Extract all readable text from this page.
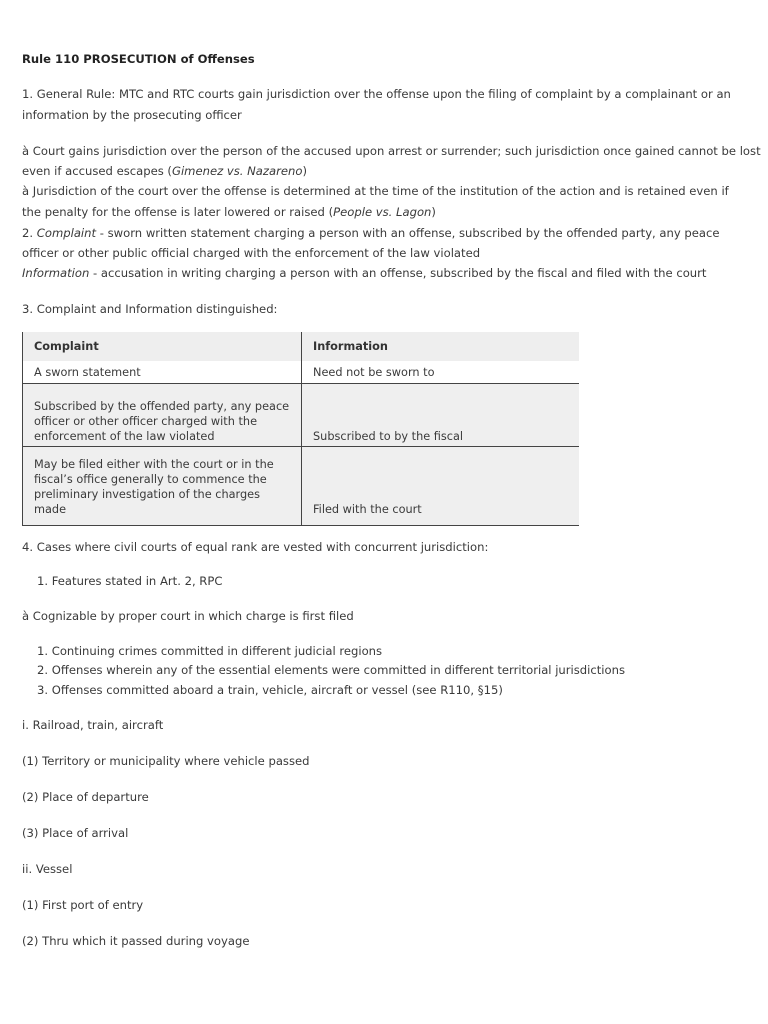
Rule 110 PROSECUTION of Offenses
1. General Rule: MTC and RTC courts gain jurisdiction over the offense upon the filing of complaint by a complainant or an
information by the prosecuting officer
à Court gains jurisdiction over the person of the accused upon arrest or surrender; such jurisdiction once gained cannot be lost
even if accused escapes (Gimenez vs. Nazareno)
à Jurisdiction of the court over the offense is determined at the time of the institution of the action and is retained even if
the penalty for the offense is later lowered or raised (People vs. Lagon)
2. Complaint - sworn written statement charging a person with an offense, subscribed by the offended party, any peace
officer or other public official charged with the enforcement of the law violated
Information - accusation in writing charging a person with an offense, subscribed by the fiscal and filed with the court
3. Complaint and Information distinguished:
Complaint	Information
A sworn statement	Need not be sworn to
Subscribed by the offended party, any peace officer or other officer charged with the enforcement of the law violated	Subscribed to by the fiscal
May be filed either with the court or in the fiscal’s office generally to commence the preliminary investigation of the charges made	Filed with the court
4. Cases where civil courts of equal rank are vested with concurrent jurisdiction:
1. Features stated in Art. 2, RPC
à Cognizable by proper court in which charge is first filed
1. Continuing crimes committed in different judicial regions
2. Offenses wherein any of the essential elements were committed in different territorial jurisdictions
3. Offenses committed aboard a train, vehicle, aircraft or vessel (see R110, §15)
i. Railroad, train, aircraft
(1) Territory or municipality where vehicle passed
(2) Place of departure
(3) Place of arrival
ii. Vessel
(1) First port of entry
(2) Thru which it passed during voyage
